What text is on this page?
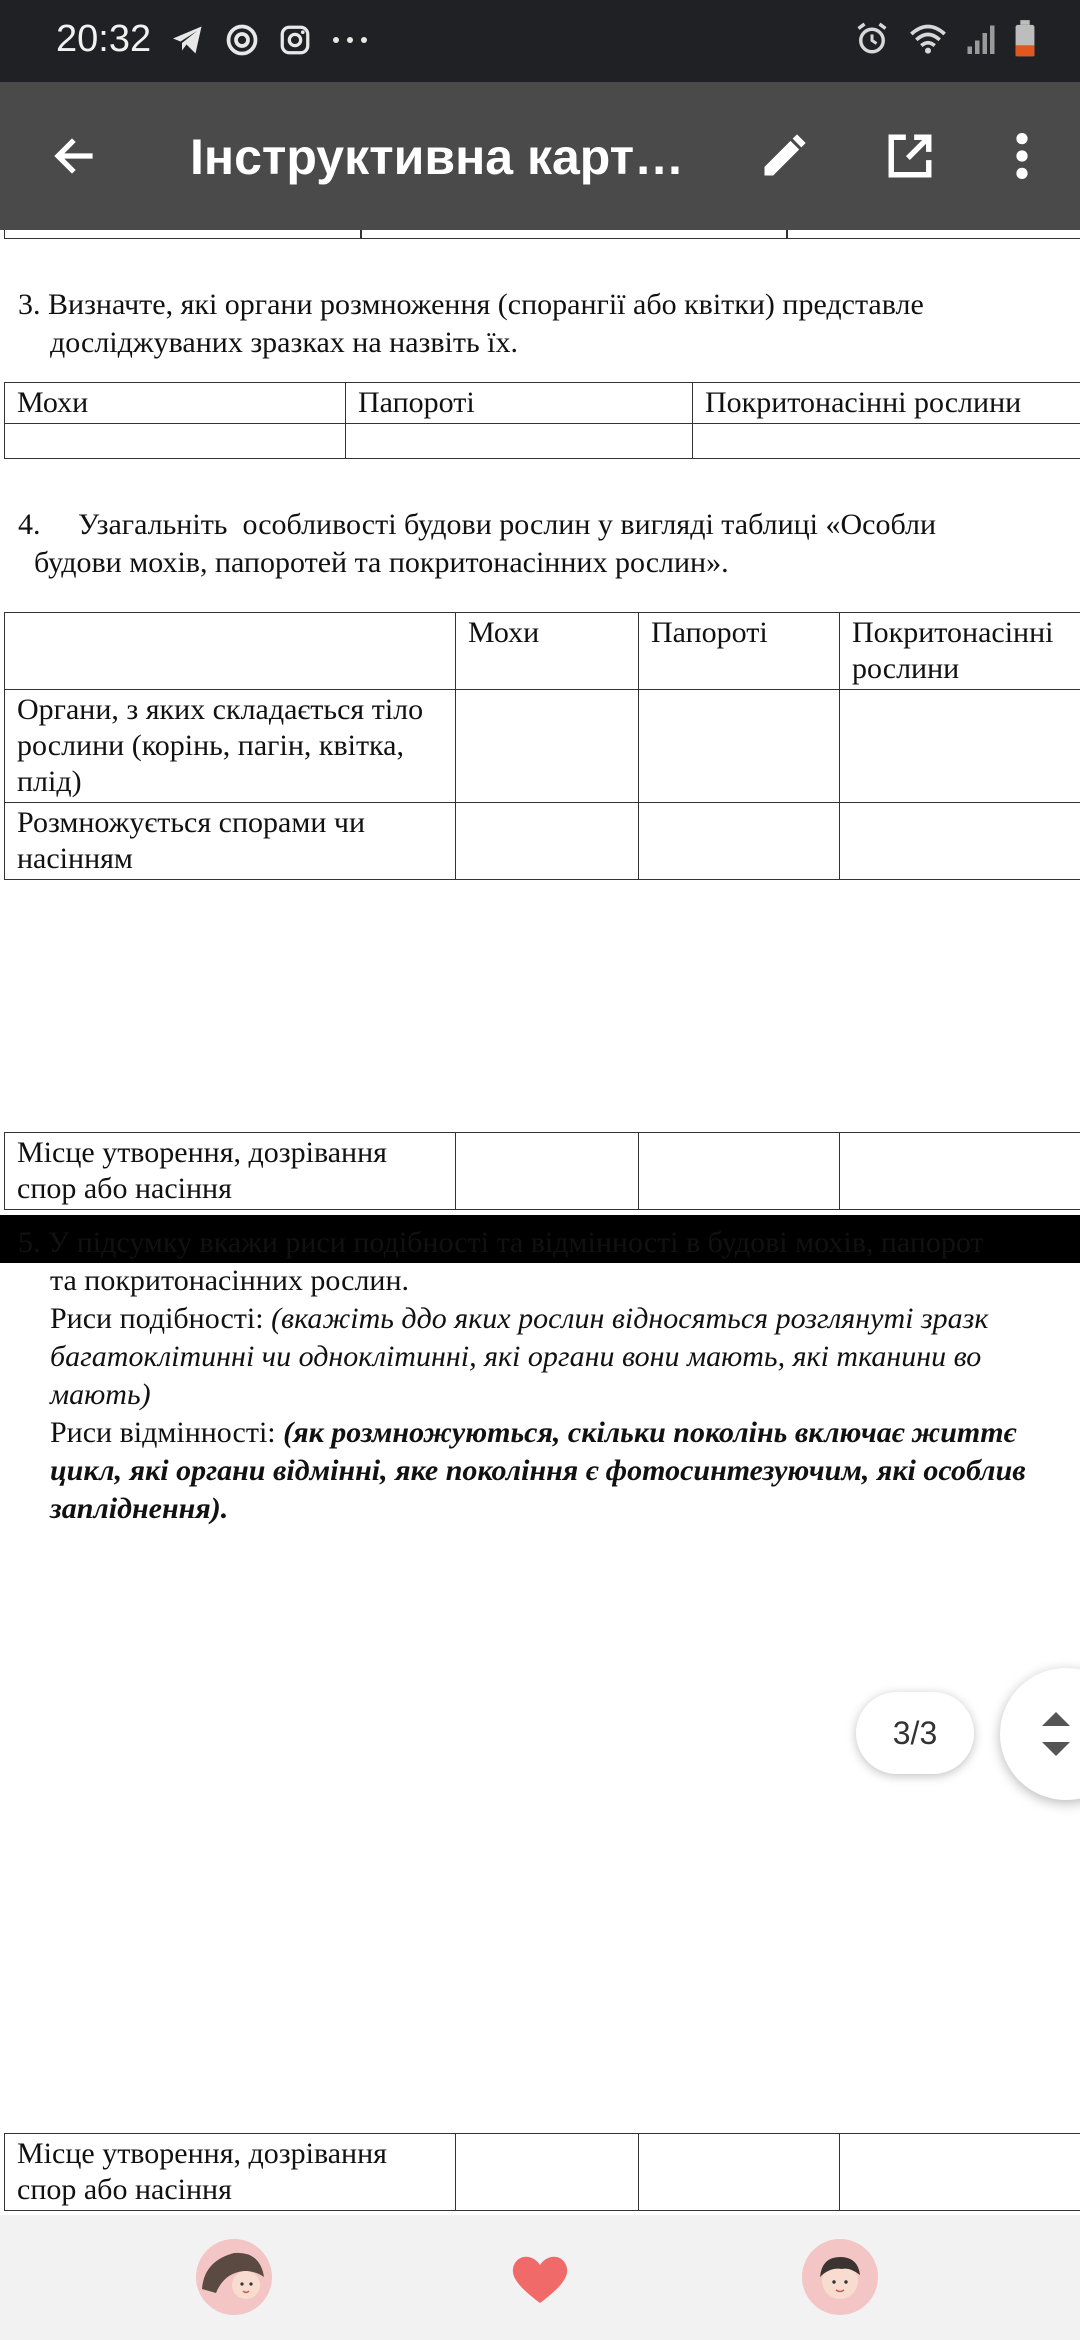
20:32
Інструктивна карт…
3. Визначте, які органи розмноження (спорангії або квітки) представле
досліджуваних зразках на назвіть їх.
Мохи	Папороті	Покритонасінні рослини

4.     Узагальніть  особливості будови рослин у вигляді таблиці «Особли
будови мохів, папоротей та покритонасінних рослин».
	Мохи	Папороті	Покритонасінні рослини
Органи, з яких складається тіло рослини (корінь, пагін, квітка, плід)			
Розмножується спорами чи насінням			
Місце утворення, дозрівання спор або насіння			
Місце утворення, дозрівання спор або насіння			
5. У підсумку вкажи риси подібності та відмінності в будові мохів, папорот
та покритонасінних рослин.
Риси подібності: (вкажіть ддо яких рослин відносяться розглянуті зразк
багатоклітинні чи одноклітинні, які органи вони мають, які тканини во
мають)
Риси відмінності: (як розмножуються, скільки поколінь включає життє
цикл, які органи відмінні, яке покоління є фотосинтезуючим, які особлив
запліднення).
3/3
